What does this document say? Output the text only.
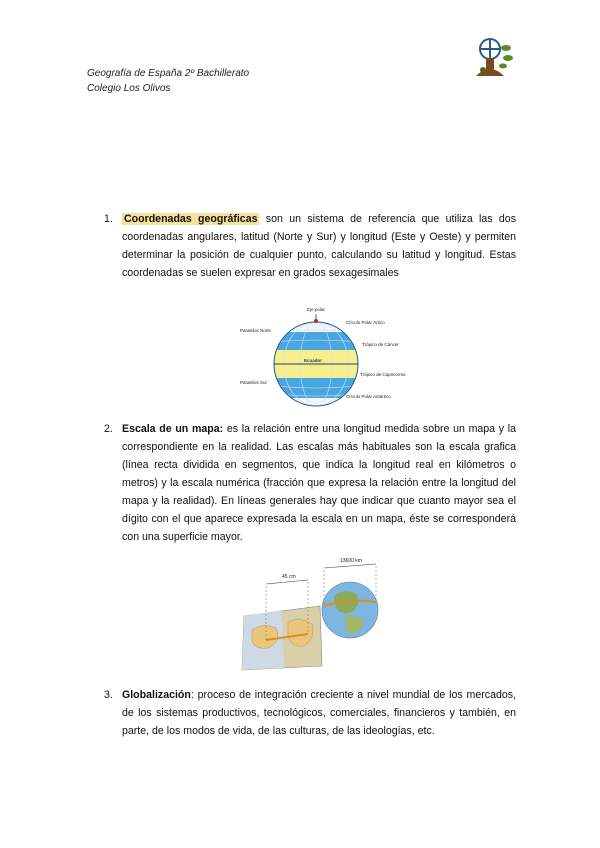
Geografía de España 2º Bachillerato
Colegio Los Olivos
1.	Coordenadas geográficas son un sistema de referencia que utiliza las dos coordenadas angulares, latitud (Norte y Sur) y longitud (Este y Oeste) y permiten determinar la posición de cualquier punto, calculando su latitud y longitud. Estas coordenadas se suelen expresar en grados sexagesimales
Eje polar
Círculo Polar Ártico
Paralelos Norte
Trópico de Cáncer
Ecuador
Trópico de Capricornio
Paralelos Sur
Círculo Polar Antártico
2. Escala de un mapa: es la relación entre una longitud medida sobre un mapa y la correspondiente en la realidad. Las escalas más habituales son la escala grafica (línea recta dividida en segmentos, que indica la longitud real en kilómetros o metros) y la escala numérica (fracción que expresa la relación entre la longitud del mapa y la realidad). En líneas generales hay que indicar que cuanto mayor sea el dígito con el que aparece expresada la escala en un mapa, éste se corresponderá con una superficie mayor.
45 cm
13600 km
3. Globalización: proceso de integración creciente a nivel mundial de los mercados, de los sistemas productivos, tecnológicos, comerciales, financieros y también, en parte, de los modos de vida, de las culturas, de las ideologías, etc.
